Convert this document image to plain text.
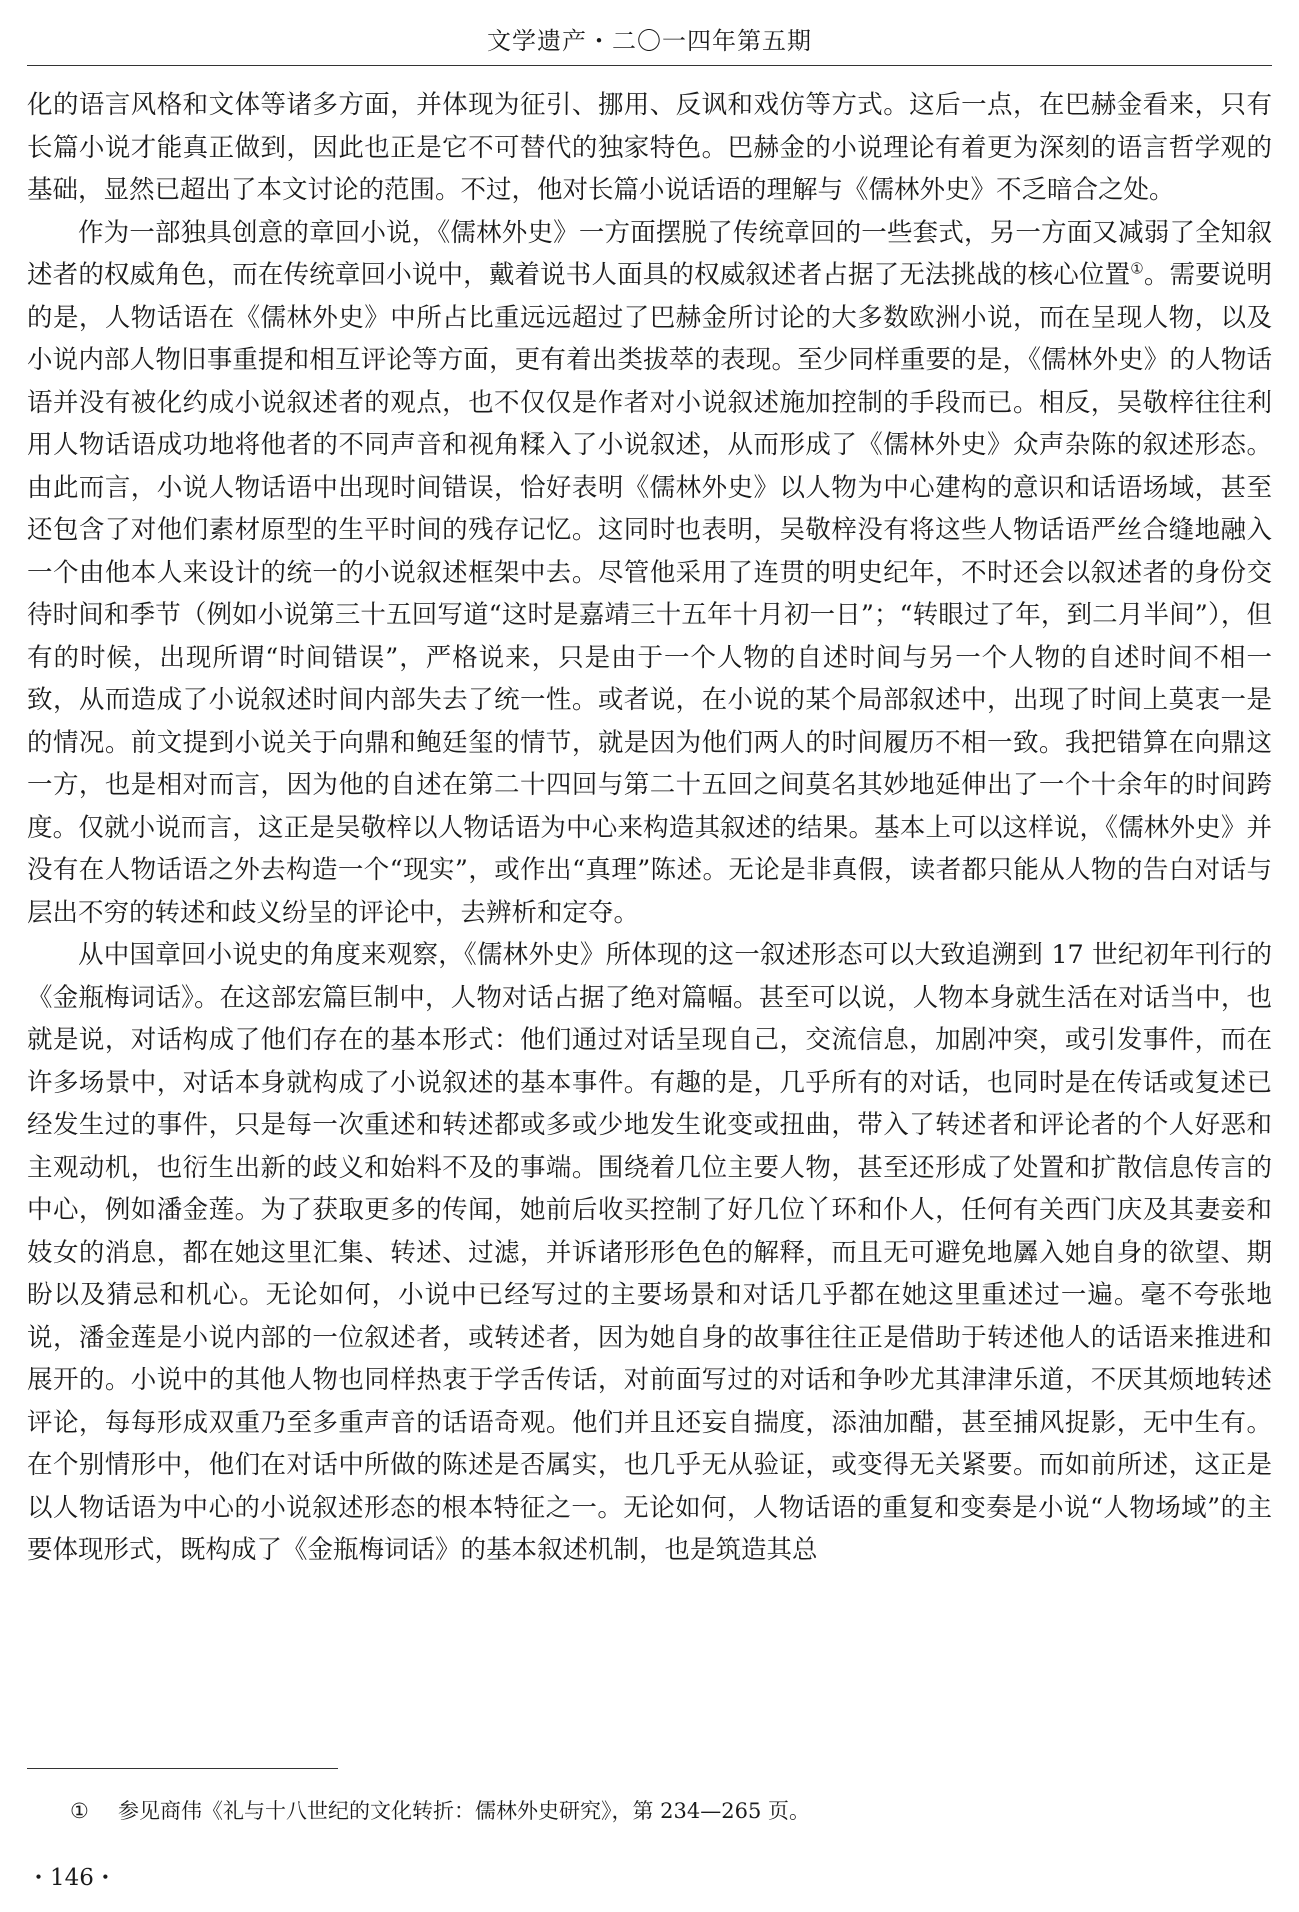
文学遗产・二〇一四年第五期

化的语言风格和文体等诸多方面，并体现为征引、挪用、反讽和戏仿等方式。这后一点，在巴赫金看来，只有长篇小说才能真正做到，因此也正是它不可替代的独家特色。巴赫金的小说理论有着更为深刻的语言哲学观的基础，显然已超出了本文讨论的范围。不过，他对长篇小说话语的理解与《儒林外史》不乏暗合之处。

作为一部独具创意的章回小说，《儒林外史》一方面摆脱了传统章回的一些套式，另一方面又减弱了全知叙述者的权威角色，而在传统章回小说中，戴着说书人面具的权威叙述者占据了无法挑战的核心位置①。需要说明的是，人物话语在《儒林外史》中所占比重远远超过了巴赫金所讨论的大多数欧洲小说，而在呈现人物，以及小说内部人物旧事重提和相互评论等方面，更有着出类拔萃的表现。至少同样重要的是，《儒林外史》的人物话语并没有被化约成小说叙述者的观点，也不仅仅是作者对小说叙述施加控制的手段而已。相反，吴敬梓往往利用人物话语成功地将他者的不同声音和视角糅入了小说叙述，从而形成了《儒林外史》众声杂陈的叙述形态。由此而言，小说人物话语中出现时间错误，恰好表明《儒林外史》以人物为中心建构的意识和话语场域，甚至还包含了对他们素材原型的生平时间的残存记忆。这同时也表明，吴敬梓没有将这些人物话语严丝合缝地融入一个由他本人来设计的统一的小说叙述框架中去。尽管他采用了连贯的明史纪年，不时还会以叙述者的身份交待时间和季节（例如小说第三十五回写道“这时是嘉靖三十五年十月初一日”；“转眼过了年，到二月半间”），但有的时候，出现所谓“时间错误”，严格说来，只是由于一个人物的自述时间与另一个人物的自述时间不相一致，从而造成了小说叙述时间内部失去了统一性。或者说，在小说的某个局部叙述中，出现了时间上莫衷一是的情况。前文提到小说关于向鼎和鲍廷玺的情节，就是因为他们两人的时间履历不相一致。我把错算在向鼎这一方，也是相对而言，因为他的自述在第二十四回与第二十五回之间莫名其妙地延伸出了一个十余年的时间跨度。仅就小说而言，这正是吴敬梓以人物话语为中心来构造其叙述的结果。基本上可以这样说，《儒林外史》并没有在人物话语之外去构造一个“现实”，或作出“真理”陈述。无论是非真假，读者都只能从人物的告白对话与层出不穷的转述和歧义纷呈的评论中，去辨析和定夺。

从中国章回小说史的角度来观察，《儒林外史》所体现的这一叙述形态可以大致追溯到 17 世纪初年刊行的《金瓶梅词话》。在这部宏篇巨制中，人物对话占据了绝对篇幅。甚至可以说，人物本身就生活在对话当中，也就是说，对话构成了他们存在的基本形式：他们通过对话呈现自己，交流信息，加剧冲突，或引发事件，而在许多场景中，对话本身就构成了小说叙述的基本事件。有趣的是，几乎所有的对话，也同时是在传话或复述已经发生过的事件，只是每一次重述和转述都或多或少地发生讹变或扭曲，带入了转述者和评论者的个人好恶和主观动机，也衍生出新的歧义和始料不及的事端。围绕着几位主要人物，甚至还形成了处置和扩散信息传言的中心，例如潘金莲。为了获取更多的传闻，她前后收买控制了好几位丫环和仆人，任何有关西门庆及其妻妾和妓女的消息，都在她这里汇集、转述、过滤，并诉诸形形色色的解释，而且无可避免地羼入她自身的欲望、期盼以及猜忌和机心。无论如何，小说中已经写过的主要场景和对话几乎都在她这里重述过一遍。毫不夸张地说，潘金莲是小说内部的一位叙述者，或转述者，因为她自身的故事往往正是借助于转述他人的话语来推进和展开的。小说中的其他人物也同样热衷于学舌传话，对前面写过的对话和争吵尤其津津乐道，不厌其烦地转述评论，每每形成双重乃至多重声音的话语奇观。他们并且还妄自揣度，添油加醋，甚至捕风捉影，无中生有。在个别情形中，他们在对话中所做的陈述是否属实，也几乎无从验证，或变得无关紧要。而如前所述，这正是以人物话语为中心的小说叙述形态的根本特征之一。无论如何，人物话语的重复和变奏是小说“人物场域”的主要体现形式，既构成了《金瓶梅词话》的基本叙述机制，也是筑造其总

① 参见商伟《礼与十八世纪的文化转折：儒林外史研究》，第 234—265 页。
・146・
